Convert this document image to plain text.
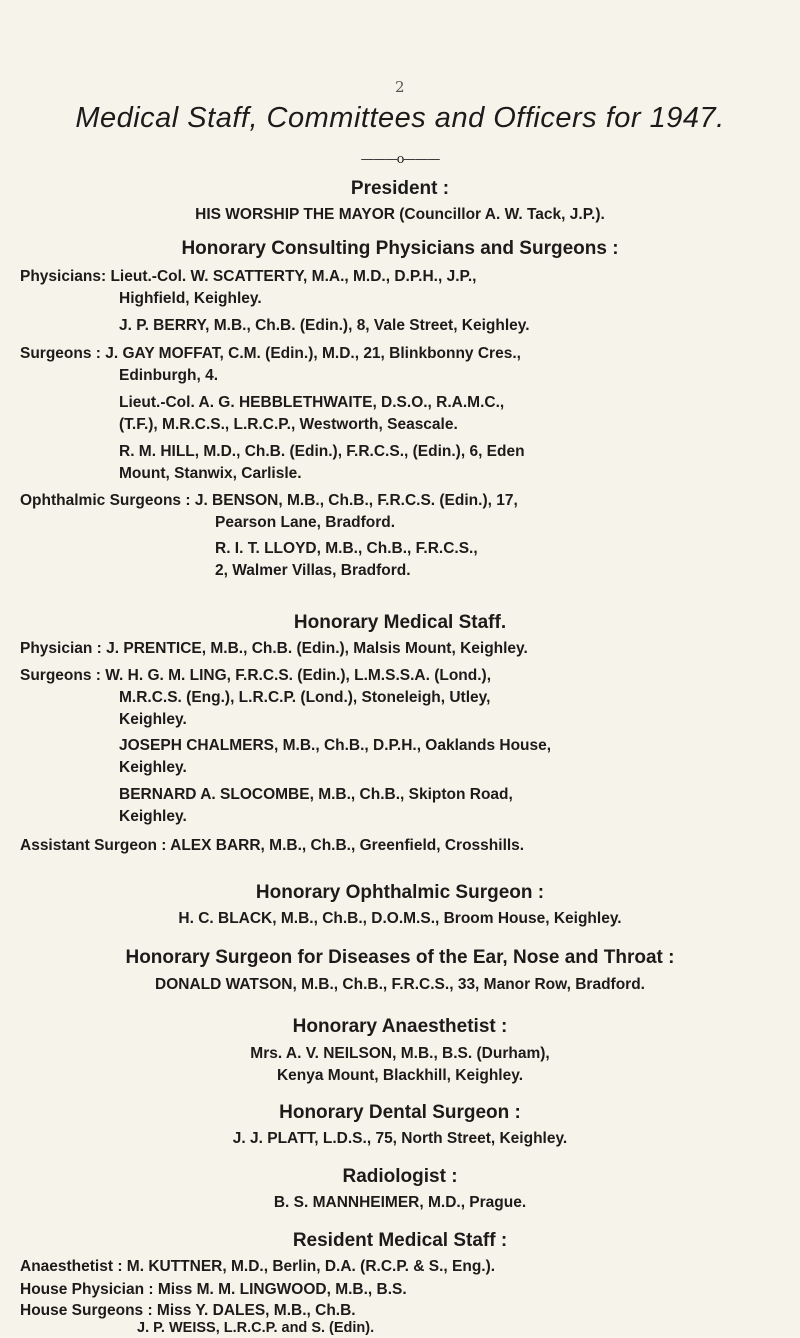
2
Medical Staff, Committees and Officers for 1947.
———o———
President :
HIS WORSHIP THE MAYOR (Councillor A. W. Tack, J.P.).
Honorary Consulting Physicians and Surgeons :
Physicians: Lieut.-Col. W. SCATTERTY, M.A., M.D., D.P.H., J.P.,
Highfield, Keighley.
J. P. BERRY, M.B., Ch.B. (Edin.), 8, Vale Street, Keighley.
Surgeons : J. GAY MOFFAT, C.M. (Edin.), M.D., 21, Blinkbonny Cres.,
Edinburgh, 4.
Lieut.-Col. A. G. HEBBLETHWAITE, D.S.O., R.A.M.C.,
(T.F.), M.R.C.S., L.R.C.P., Westworth, Seascale.
R. M. HILL, M.D., Ch.B. (Edin.), F.R.C.S., (Edin.), 6, Eden
Mount, Stanwix, Carlisle.
Ophthalmic Surgeons : J. BENSON, M.B., Ch.B., F.R.C.S. (Edin.), 17,
Pearson Lane, Bradford.
R. I. T. LLOYD, M.B., Ch.B., F.R.C.S.,
2, Walmer Villas, Bradford.
Honorary Medical Staff.
Physician : J. PRENTICE, M.B., Ch.B. (Edin.), Malsis Mount, Keighley.
Surgeons : W. H. G. M. LING, F.R.C.S. (Edin.), L.M.S.S.A. (Lond.),
M.R.C.S. (Eng.), L.R.C.P. (Lond.), Stoneleigh, Utley,
Keighley.
JOSEPH CHALMERS, M.B., Ch.B., D.P.H., Oaklands House,
Keighley.
BERNARD A. SLOCOMBE, M.B., Ch.B., Skipton Road,
Keighley.
Assistant Surgeon : ALEX BARR, M.B., Ch.B., Greenfield, Crosshills.
Honorary Ophthalmic Surgeon :
H. C. BLACK, M.B., Ch.B., D.O.M.S., Broom House, Keighley.
Honorary Surgeon for Diseases of the Ear, Nose and Throat :
DONALD WATSON, M.B., Ch.B., F.R.C.S., 33, Manor Row, Bradford.
Honorary Anaesthetist :
Mrs. A. V. NEILSON, M.B., B.S. (Durham),
Kenya Mount, Blackhill, Keighley.
Honorary Dental Surgeon :
J. J. PLATT, L.D.S., 75, North Street, Keighley.
Radiologist :
B. S. MANNHEIMER, M.D., Prague.
Resident Medical Staff :
Anaesthetist : M. KUTTNER, M.D., Berlin, D.A. (R.C.P. & S., Eng.).
House Physician : Miss M. M. LINGWOOD, M.B., B.S.
House Surgeons : Miss Y. DALES, M.B., Ch.B.
J. P. WEISS, L.R.C.P. and S. (Edin).
